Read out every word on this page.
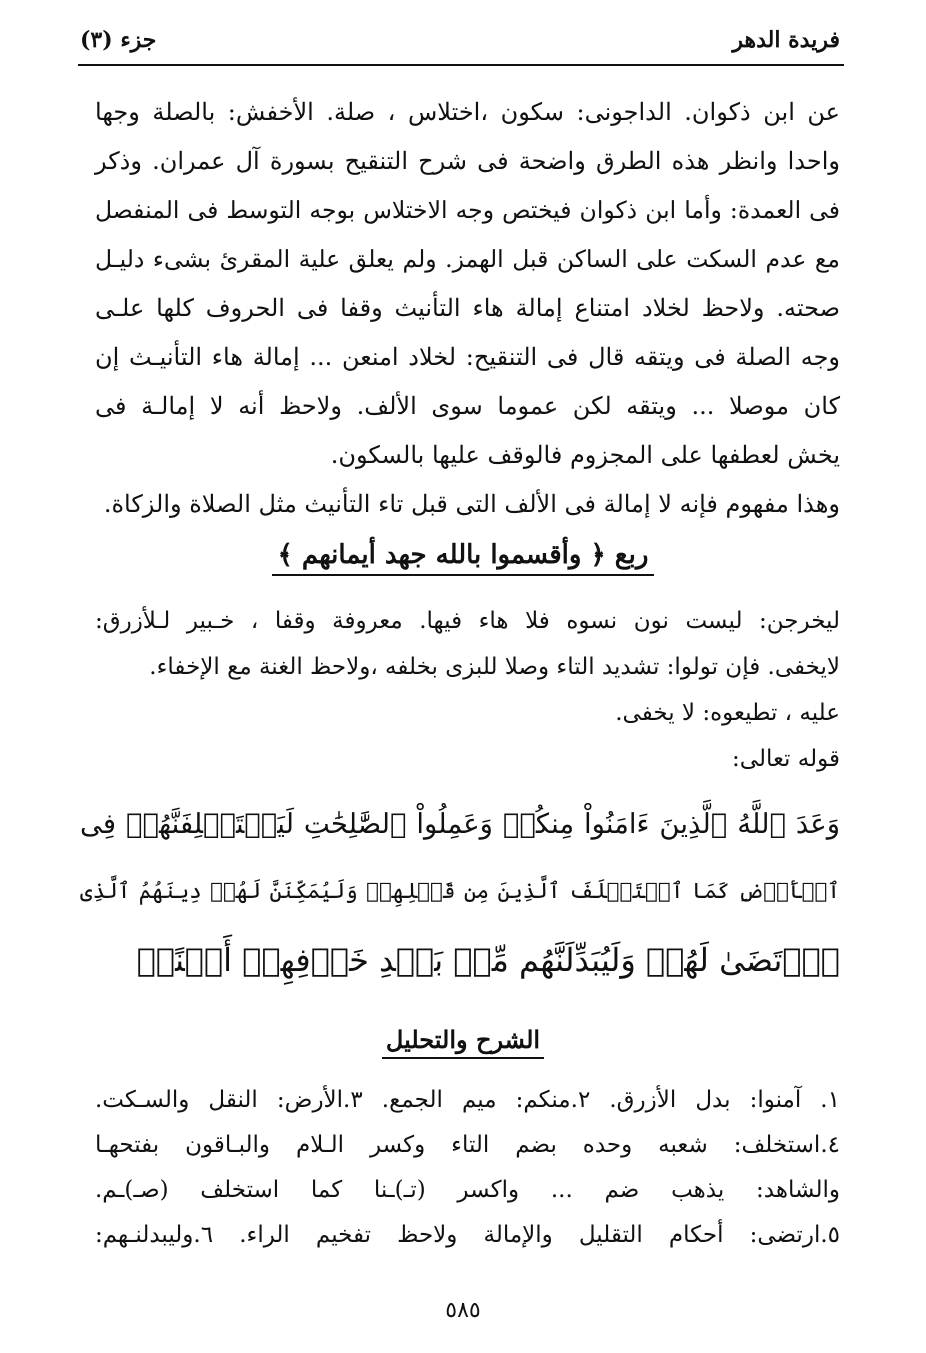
فريدة الدهر
جزء (٣)
عن ابن ذكوان. الداجونى: سكون ،اختلاس ، صلة. الأخفش: بالصلة وجها
واحدا وانظر هذه الطرق واضحة فى شرح التنقيح بسورة آل عمران. وذكر
فى العمدة: وأما ابن ذكوان فيختص وجه الاختلاس بوجه التوسط فى المنفصل
مع عدم السكت على الساكن قبل الهمز. ولم يعلق علية المقرئ بشىء دليـل
صحته. ولاحظ لخلاد امتناع إمالة هاء التأنيث وقفا فى الحروف كلها علـى
وجه الصلة فى ويتقه قال فى التنقيح: لخلاد امنعن ... إمالة هاء التأنيـث إن
كان موصلا ... ويتقه لكن عموما سوى الألف. ولاحظ أنه لا إمالـة فى
يخش لعطفها على المجزوم فالوقف عليها بالسكون.
وهذا مفهوم فإنه لا إمالة فى الألف التى قبل تاء التأنيث مثل الصلاة والزكاة.
ربع ﴿ وأقسموا بالله جهد أيمانهم ﴾
ليخرجن: ليست نون نسوه فلا هاء فيها. معروفة وقفا ، خـبير لـلأزرق:
لايخفى. فإن تولوا: تشديد التاء وصلا للبزى بخلفه ،ولاحظ الغنة مع الإخفاء.
عليه ، تطيعوه: لا يخفى.
قوله تعالى:
وَعَدَ ٱللَّهُ ٱلَّذِينَ ءَامَنُواْ مِنكُمۡ وَعَمِلُواْ ٱلصَّٰلِحَٰتِ لَيَسۡتَخۡلِفَنَّهُمۡ فِى
ٱلۡأَرۡضِ كَمَا ٱسۡتَخۡلَفَ ٱلَّذِينَ مِن قَبۡلِهِمۡ وَلَيُمَكِّنَنَّ لَهُمۡ دِينَهُمُ ٱلَّذِى
ٱرۡتَضَىٰ لَهُمۡ وَلَيُبَدِّلَنَّهُم مِّنۢ بَعۡدِ خَوۡفِهِمۡ أَمۡنًاۚ
الشرح والتحليل
١. آمنوا: بدل الأزرق. ٢.منكم: ميم الجمع. ٣.الأرض: النقل والسـكت.
٤.استخلف: شعبه وحده بضم التاء وكسر الـلام والبـاقون بفتحهـا
والشاهد: يذهب ضم ... واكسر (تـ)ـنا كما استخلف (صـ)ـم.
٥.ارتضى: أحكام التقليل والإمالة ولاحظ تفخيم الراء. ٦.وليبدلنـهم:
٥٨٥
